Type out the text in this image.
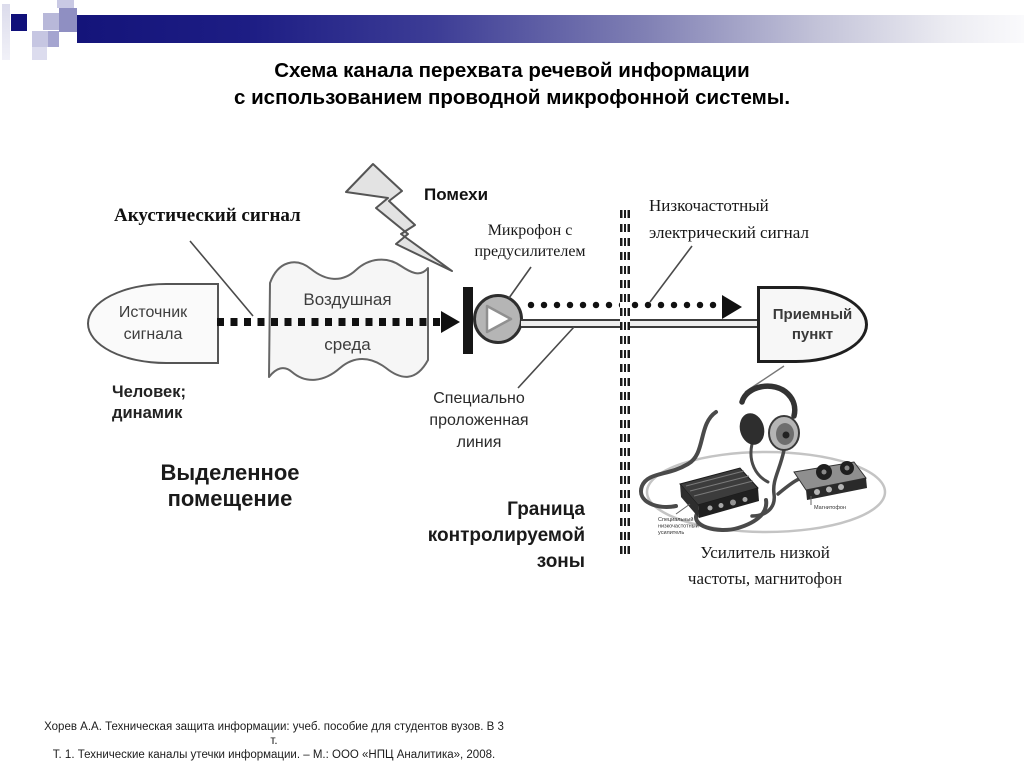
Схема канала перехвата речевой информации
с использованием проводной микрофонной системы.
Источник
сигнала
Приемный
пункт
Специальный
низкочастотный
усилитель
Магнитофон
Акустический сигнал
Помехи
Микрофон с
предусилителем
Низкочастотный
электрический сигнал
Воздушная
среда
Человек;
динамик
Выделенное
помещение
Специально
проложенная
линия
Граница
контролируемой
зоны	Усилитель низкой
частоты, магнитофон
Хорев А.А. Техническая защита информации: учеб. пособие для студентов вузов. В 3 т.
Т. 1. Технические каналы утечки информации. – М.: ООО «НПЦ Аналитика», 2008.
